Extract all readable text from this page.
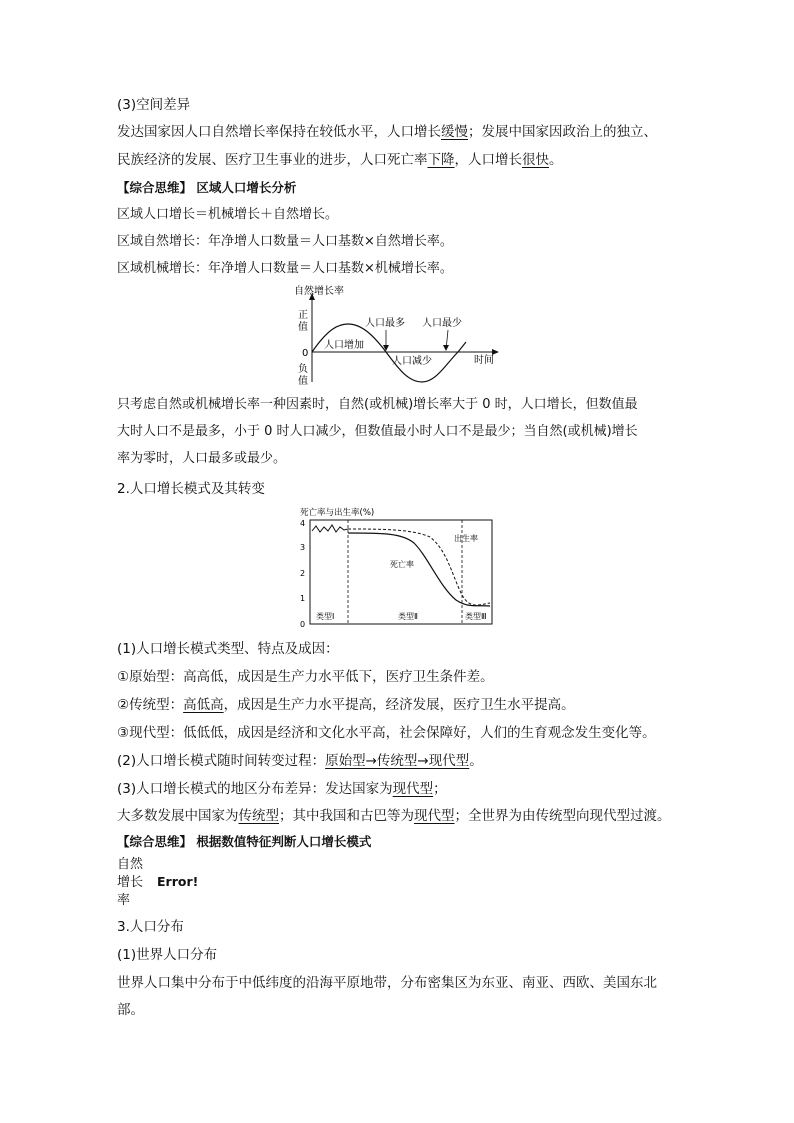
(3)空间差异
发达国家因人口自然增长率保持在较低水平，人口增长缓慢；发展中国家因政治上的独立、
民族经济的发展、医疗卫生事业的进步，人口死亡率下降，人口增长很快。
【综合思维】 区域人口增长分析
区域人口增长＝机械增长＋自然增长。
区域自然增长：年净增人口数量＝人口基数×自然增长率。
区域机械增长：年净增人口数量＝人口基数×机械增长率。
自然增长率
正
值
0
负
值
时间
人口最多 人口最少
人口增加
人口减少
只考虑自然或机械增长率一种因素时，自然(或机械)增长率大于 0 时，人口增长，但数值最
大时人口不是最多，小于 0 时人口减少，但数值最小时人口不是最少；当自然(或机械)增长
率为零时，人口最多或最少。
2.人口增长模式及其转变
死亡率与出生率(%)
0
1
2
3
4
出生率
死亡率
类型Ⅰ	类型Ⅱ	类型Ⅲ
(1)人口增长模式类型、特点及成因：
①原始型：高高低，成因是生产力水平低下，医疗卫生条件差。
②传统型：高低高，成因是生产力水平提高，经济发展，医疗卫生水平提高。
③现代型：低低低，成因是经济和文化水平高，社会保障好，人们的生育观念发生变化等。
(2)人口增长模式随时间转变过程：原始型→传统型→现代型。
(3)人口增长模式的地区分布差异：发达国家为现代型；
大多数发展中国家为传统型；其中我国和古巴等为现代型；全世界为由传统型向现代型过渡。
【综合思维】 根据数值特征判断人口增长模式
自然
增长
率
Error!
3.人口分布
(1)世界人口分布
世界人口集中分布于中低纬度的沿海平原地带，分布密集区为东亚、南亚、西欧、美国东北
部。
